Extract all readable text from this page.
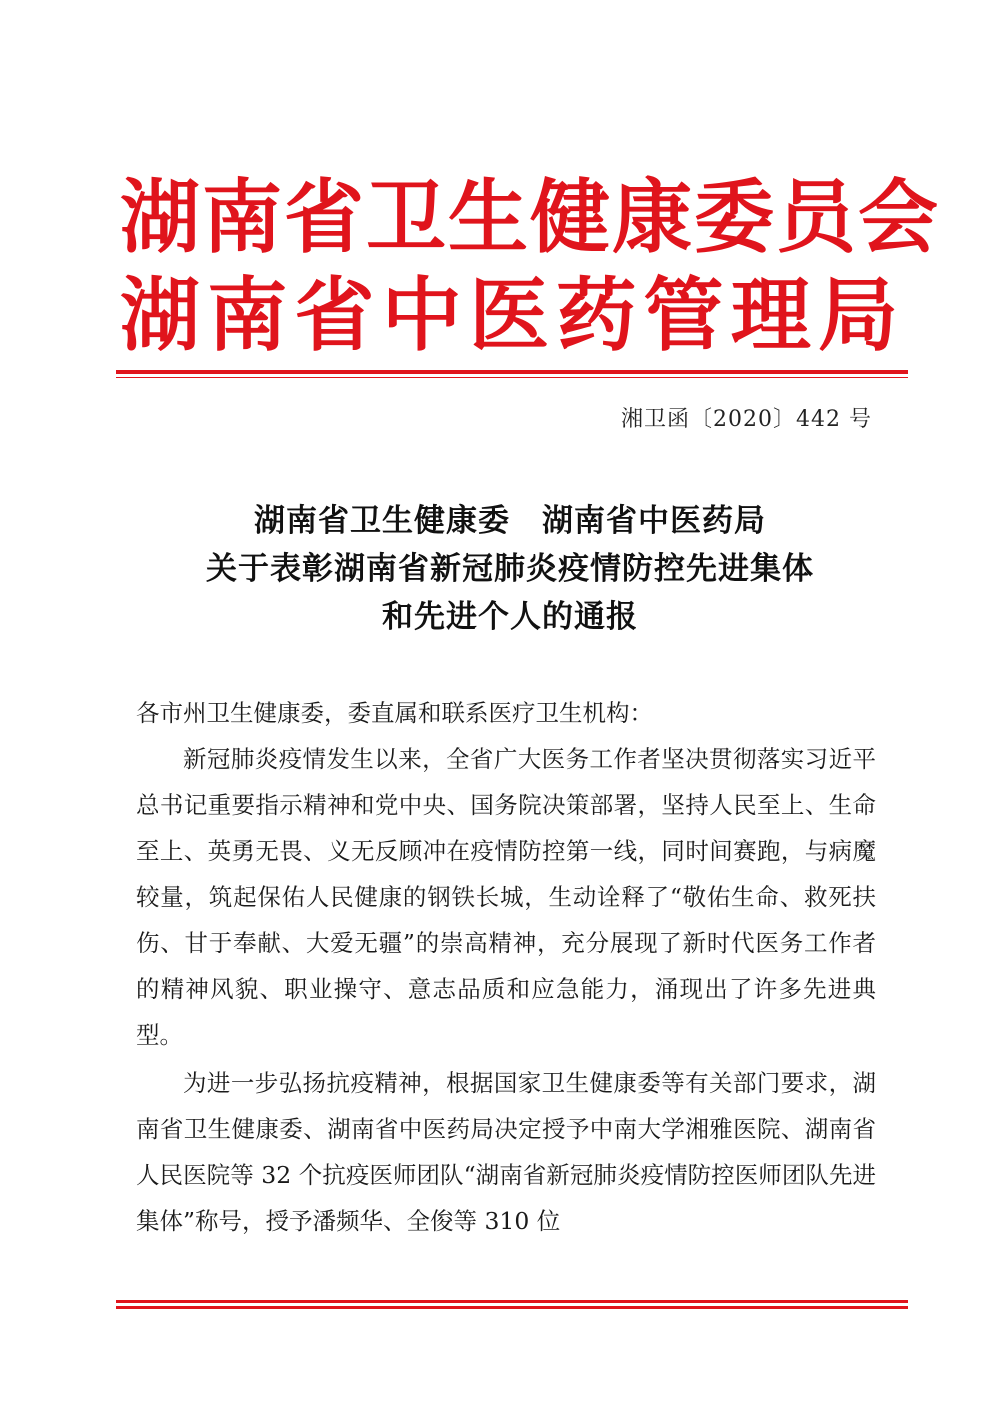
湖南省卫生健康委员会
湖南省中医药管理局
湘卫函〔2020〕442 号
湖南省卫生健康委 湖南省中医药局
关于表彰湖南省新冠肺炎疫情防控先进集体
和先进个人的通报

各市州卫生健康委，委直属和联系医疗卫生机构：

新冠肺炎疫情发生以来，全省广大医务工作者坚决贯彻落实习近平总书记重要指示精神和党中央、国务院决策部署，坚持人民至上、生命至上、英勇无畏、义无反顾冲在疫情防控第一线，同时间赛跑，与病魔较量，筑起保佑人民健康的钢铁长城，生动诠释了“敬佑生命、救死扶伤、甘于奉献、大爱无疆”的崇高精神，充分展现了新时代医务工作者的精神风貌、职业操守、意志品质和应急能力，涌现出了许多先进典型。

为进一步弘扬抗疫精神，根据国家卫生健康委等有关部门要求，湖南省卫生健康委、湖南省中医药局决定授予中南大学湘雅医院、湖南省人民医院等 32 个抗疫医师团队“湖南省新冠肺炎疫情防控医师团队先进集体”称号，授予潘频华、全俊等 310 位
